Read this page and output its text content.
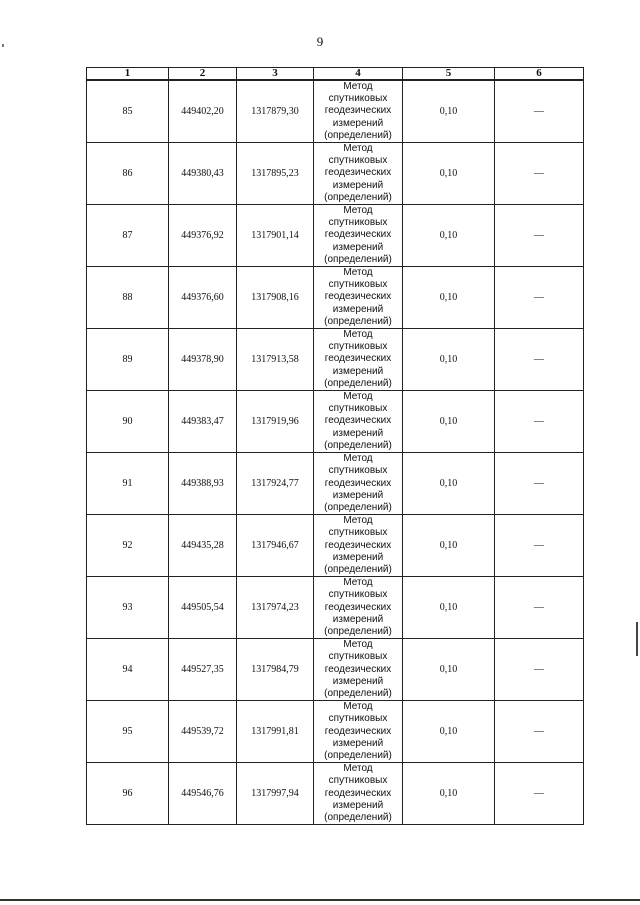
9
1	2	3	4	5	6
85	449402,20	1317879,30	Метод
спутниковых
геодезических
измерений
(определений)	0,10	—
86	449380,43	1317895,23	Метод
спутниковых
геодезических
измерений
(определений)	0,10	—
87	449376,92	1317901,14	Метод
спутниковых
геодезических
измерений
(определений)	0,10	—
88	449376,60	1317908,16	Метод
спутниковых
геодезических
измерений
(определений)	0,10	—
89	449378,90	1317913,58	Метод
спутниковых
геодезических
измерений
(определений)	0,10	—
90	449383,47	1317919,96	Метод
спутниковых
геодезических
измерений
(определений)	0,10	—
91	449388,93	1317924,77	Метод
спутниковых
геодезических
измерений
(определений)	0,10	—
92	449435,28	1317946,67	Метод
спутниковых
геодезических
измерений
(определений)	0,10	—
93	449505,54	1317974,23	Метод
спутниковых
геодезических
измерений
(определений)	0,10	—
94	449527,35	1317984,79	Метод
спутниковых
геодезических
измерений
(определений)	0,10	—
95	449539,72	1317991,81	Метод
спутниковых
геодезических
измерений
(определений)	0,10	—
96	449546,76	1317997,94	Метод
спутниковых
геодезических
измерений
(определений)	0,10	—
